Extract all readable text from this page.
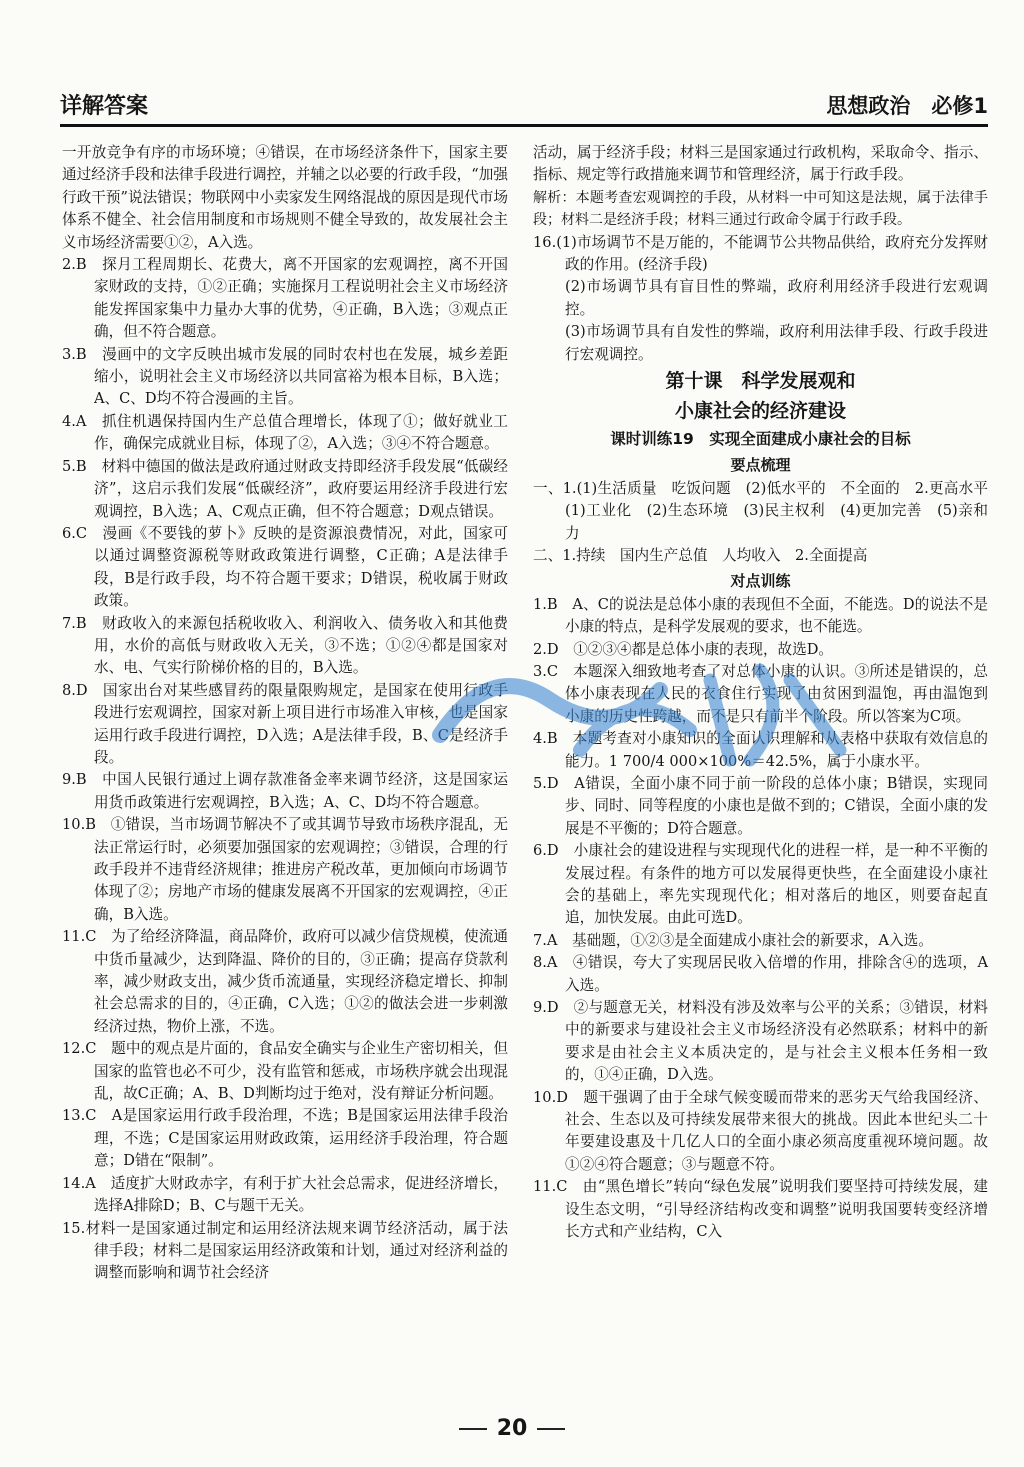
详解答案	思想政治　必修1

一开放竞争有序的市场环境；④错误，在市场经济条件下，国家主要通过经济手段和法律手段进行调控，并辅之以必要的行政手段，“加强行政干预”说法错误；物联网中小卖家发生网络混战的原因是现代市场体系不健全、社会信用制度和市场规则不健全导致的，故发展社会主义市场经济需要①②，A入选。

2.B　探月工程周期长、花费大，离不开国家的宏观调控，离不开国家财政的支持，①②正确；实施探月工程说明社会主义市场经济能发挥国家集中力量办大事的优势，④正确，B入选；③观点正确，但不符合题意。

3.B　漫画中的文字反映出城市发展的同时农村也在发展，城乡差距缩小，说明社会主义市场经济以共同富裕为根本目标，B入选；A、C、D均不符合漫画的主旨。

4.A　抓住机遇保持国内生产总值合理增长，体现了①；做好就业工作，确保完成就业目标，体现了②，A入选；③④不符合题意。

5.B　材料中德国的做法是政府通过财政支持即经济手段发展“低碳经济”，这启示我们发展“低碳经济”，政府要运用经济手段进行宏观调控，B入选；A、C观点正确，但不符合题意；D观点错误。

6.C　漫画《不要钱的萝卜》反映的是资源浪费情况，对此，国家可以通过调整资源税等财政政策进行调整，C正确；A是法律手段，B是行政手段，均不符合题干要求；D错误，税收属于财政政策。

7.B　财政收入的来源包括税收收入、利润收入、债务收入和其他费用，水价的高低与财政收入无关，③不选；①②④都是国家对水、电、气实行阶梯价格的目的，B入选。

8.D　国家出台对某些感冒药的限量限购规定，是国家在使用行政手段进行宏观调控，国家对新上项目进行市场准入审核，也是国家运用行政手段进行调控，D入选；A是法律手段，B、C是经济手段。

9.B　中国人民银行通过上调存款准备金率来调节经济，这是国家运用货币政策进行宏观调控，B入选；A、C、D均不符合题意。

10.B　①错误，当市场调节解决不了或其调节导致市场秩序混乱，无法正常运行时，必须要加强国家的宏观调控；③错误，合理的行政手段并不违背经济规律；推进房产税改革，更加倾向市场调节体现了②；房地产市场的健康发展离不开国家的宏观调控，④正确，B入选。

11.C　为了给经济降温，商品降价，政府可以减少信贷规模，使流通中货币量减少，达到降温、降价的目的，③正确；提高存贷款利率，减少财政支出，减少货币流通量，实现经济稳定增长、抑制社会总需求的目的，④正确，C入选；①②的做法会进一步刺激经济过热，物价上涨，不选。

12.C　题中的观点是片面的，食品安全确实与企业生产密切相关，但国家的监管也必不可少，没有监管和惩戒，市场秩序就会出现混乱，故C正确；A、B、D判断均过于绝对，没有辩证分析问题。

13.C　A是国家运用行政手段治理，不选；B是国家运用法律手段治理，不选；C是国家运用财政政策，运用经济手段治理，符合题意；D错在“限制”。

14.A　适度扩大财政赤字，有利于扩大社会总需求，促进经济增长，选择A排除D；B、C与题干无关。

15.材料一是国家通过制定和运用经济法规来调节经济活动，属于法律手段；材料二是国家运用经济政策和计划，通过对经济利益的调整而影响和调节社会经济

活动，属于经济手段；材料三是国家通过行政机构，采取命令、指示、指标、规定等行政措施来调节和管理经济，属于行政手段。

解析：本题考查宏观调控的手段，从材料一中可知这是法规，属于法律手段；材料二是经济手段；材料三通过行政命令属于行政手段。

16.(1)市场调节不是万能的，不能调节公共物品供给，政府充分发挥财政的作用。(经济手段)

(2)市场调节具有盲目性的弊端，政府利用经济手段进行宏观调控。

(3)市场调节具有自发性的弊端，政府利用法律手段、行政手段进行宏观调控。

第十课　科学发展观和

小康社会的经济建设

课时训练19　实现全面建成小康社会的目标

要点梳理

一、1.(1)生活质量　吃饭问题　(2)低水平的　不全面的　2.更高水平　(1)工业化　(2)生态环境　(3)民主权利　(4)更加完善　(5)亲和力

二、1.持续　国内生产总值　人均收入　2.全面提高

对点训练

1.B　A、C的说法是总体小康的表现但不全面，不能选。D的说法不是小康的特点，是科学发展观的要求，也不能选。

2.D　①②③④都是总体小康的表现，故选D。

3.C　本题深入细致地考查了对总体小康的认识。③所述是错误的，总体小康表现在人民的衣食住行实现了由贫困到温饱，再由温饱到小康的历史性跨越，而不是只有前半个阶段。所以答案为C项。

4.B　本题考查对小康知识的全面认识理解和从表格中获取有效信息的能力。1 700/4 000×100%＝42.5%，属于小康水平。

5.D　A错误，全面小康不同于前一阶段的总体小康；B错误，实现同步、同时、同等程度的小康也是做不到的；C错误，全面小康的发展是不平衡的；D符合题意。

6.D　小康社会的建设进程与实现现代化的进程一样，是一种不平衡的发展过程。有条件的地方可以发展得更快些，在全面建设小康社会的基础上，率先实现现代化；相对落后的地区，则要奋起直追，加快发展。由此可选D。

7.A　基础题，①②③是全面建成小康社会的新要求，A入选。

8.A　④错误，夸大了实现居民收入倍增的作用，排除含④的选项，A入选。

9.D　②与题意无关，材料没有涉及效率与公平的关系；③错误，材料中的新要求与建设社会主义市场经济没有必然联系；材料中的新要求是由社会主义本质决定的，是与社会主义根本任务相一致的，①④正确，D入选。

10.D　题干强调了由于全球气候变暖而带来的恶劣天气给我国经济、社会、生态以及可持续发展带来很大的挑战。因此本世纪头二十年要建设惠及十几亿人口的全面小康必须高度重视环境问题。故①②④符合题意；③与题意不符。

11.C　由“黑色增长”转向“绿色发展”说明我们要坚持可持续发展，建设生态文明，“引导经济结构改变和调整”说明我国要转变经济增长方式和产业结构，C入

20
